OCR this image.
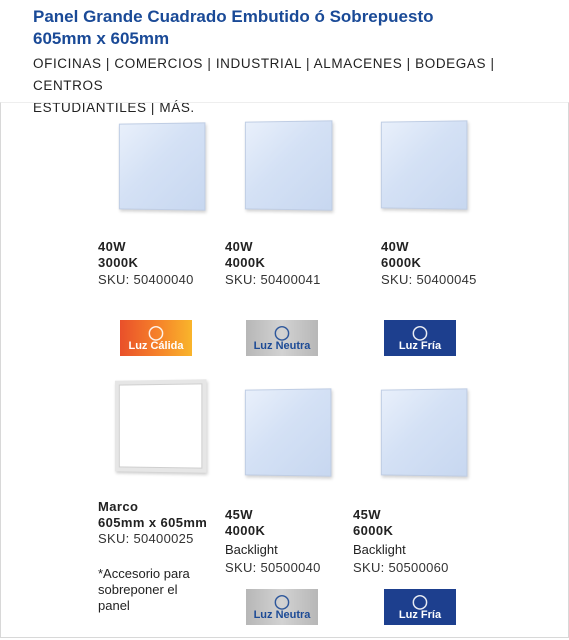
Panel Grande Cuadrado Embutido ó Sobrepuesto
605mm x 605mm
OFICINAS | COMERCIOS | INDUSTRIAL | ALMACENES | BODEGAS | CENTROS
ESTUDIANTILES | MÁS.
40W
3000K
SKU: 50400040
40W
4000K
SKU: 50400041
40W
6000K
SKU: 50400045
◯
Luz Cálida
◯
Luz Neutra
◯
Luz Fría
Marco
605mm x 605mm
SKU: 50400025
*Accesorio para
sobreponer el
panel
45W
4000K
Backlight
SKU: 50500040
45W
6000K
Backlight
SKU: 50500060
◯
Luz Neutra
◯
Luz Fría
